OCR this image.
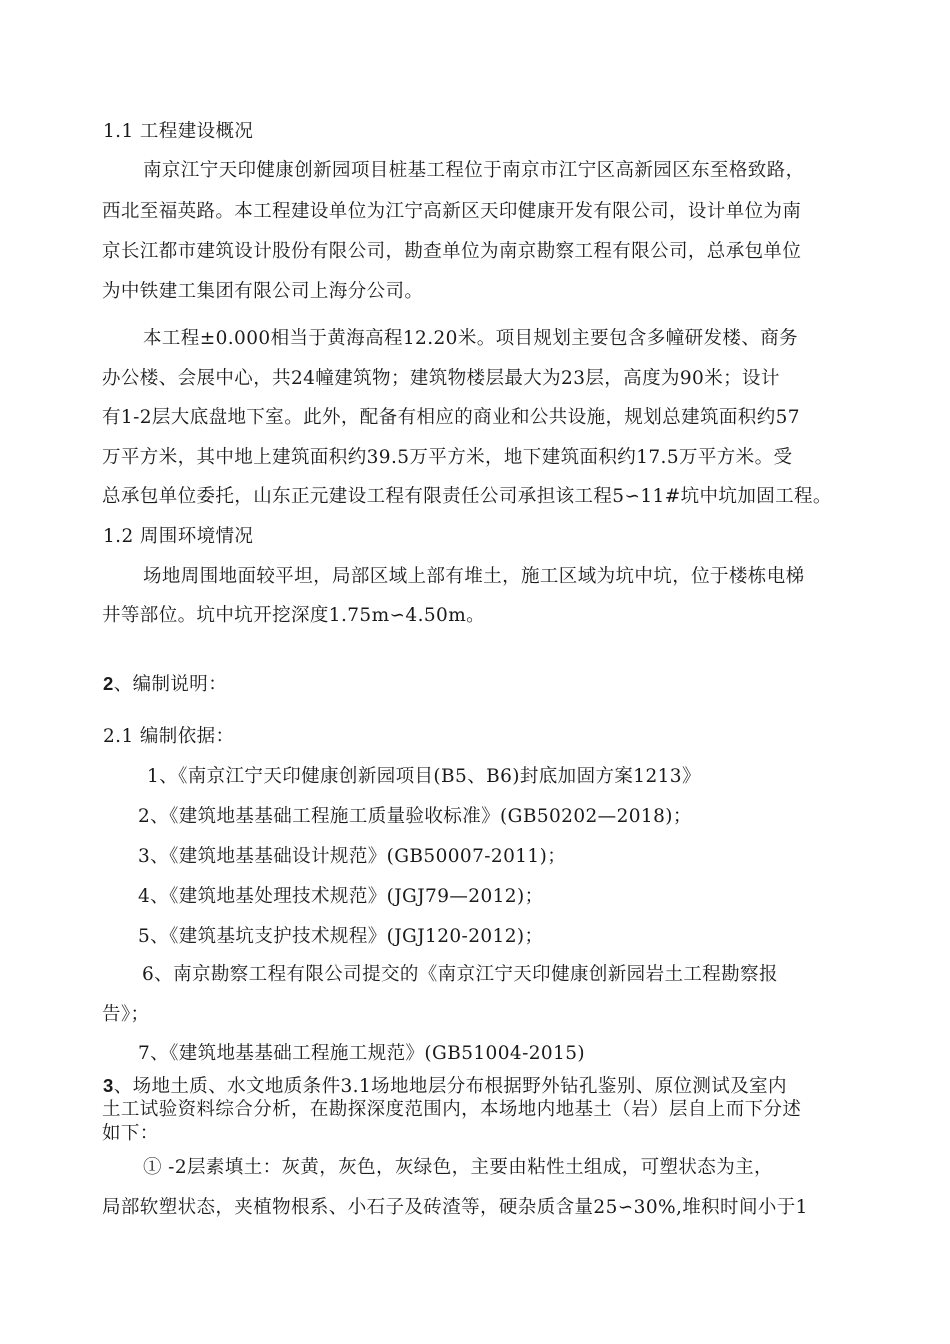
1.1 工程建设概况
南京江宁天印健康创新园项目桩基工程位于南京市江宁区高新园区东至格致路，
西北至福英路。本工程建设单位为江宁高新区天印健康开发有限公司，设计单位为南
京长江都市建筑设计股份有限公司，勘查单位为南京勘察工程有限公司，总承包单位
为中铁建工集团有限公司上海分公司。
本工程±0.000相当于黄海高程12.20米。项目规划主要包含多幢研发楼、商务
办公楼、会展中心，共24幢建筑物；建筑物楼层最大为23层，高度为90米；设计
有1-2层大底盘地下室。此外，配备有相应的商业和公共设施，规划总建筑面积约57
万平方米，其中地上建筑面积约39.5万平方米，地下建筑面积约17.5万平方米。受
总承包单位委托，山东正元建设工程有限责任公司承担该工程5∽11#坑中坑加固工程。
1.2 周围环境情况
场地周围地面较平坦，局部区域上部有堆土，施工区域为坑中坑，位于楼栋电梯
井等部位。坑中坑开挖深度1.75m∽4.50m。
2、编制说明：
2.1 编制依据：
1、《南京江宁天印健康创新园项目(B5、B6)封底加固方案1213》
2、《建筑地基基础工程施工质量验收标准》(GB50202—2018)；
3、《建筑地基基础设计规范》(GB50007-2011)；
4、《建筑地基处理技术规范》(JGJ79—2012)；
5、《建筑基坑支护技术规程》(JGJ120-2012)；
6、南京勘察工程有限公司提交的《南京江宁天印健康创新园岩土工程勘察报
告》；
7、《建筑地基基础工程施工规范》(GB51004-2015)
3、场地土质、水文地质条件3.1场地地层分布根据野外钻孔鉴别、原位测试及室内
土工试验资料综合分析，在勘探深度范围内，本场地内地基土（岩）层自上而下分述
如下：
① -2层素填土：灰黄，灰色，灰绿色，主要由粘性土组成，可塑状态为主，
局部软塑状态，夹植物根系、小石子及砖渣等，硬杂质含量25∽30%,堆积时间小于1
